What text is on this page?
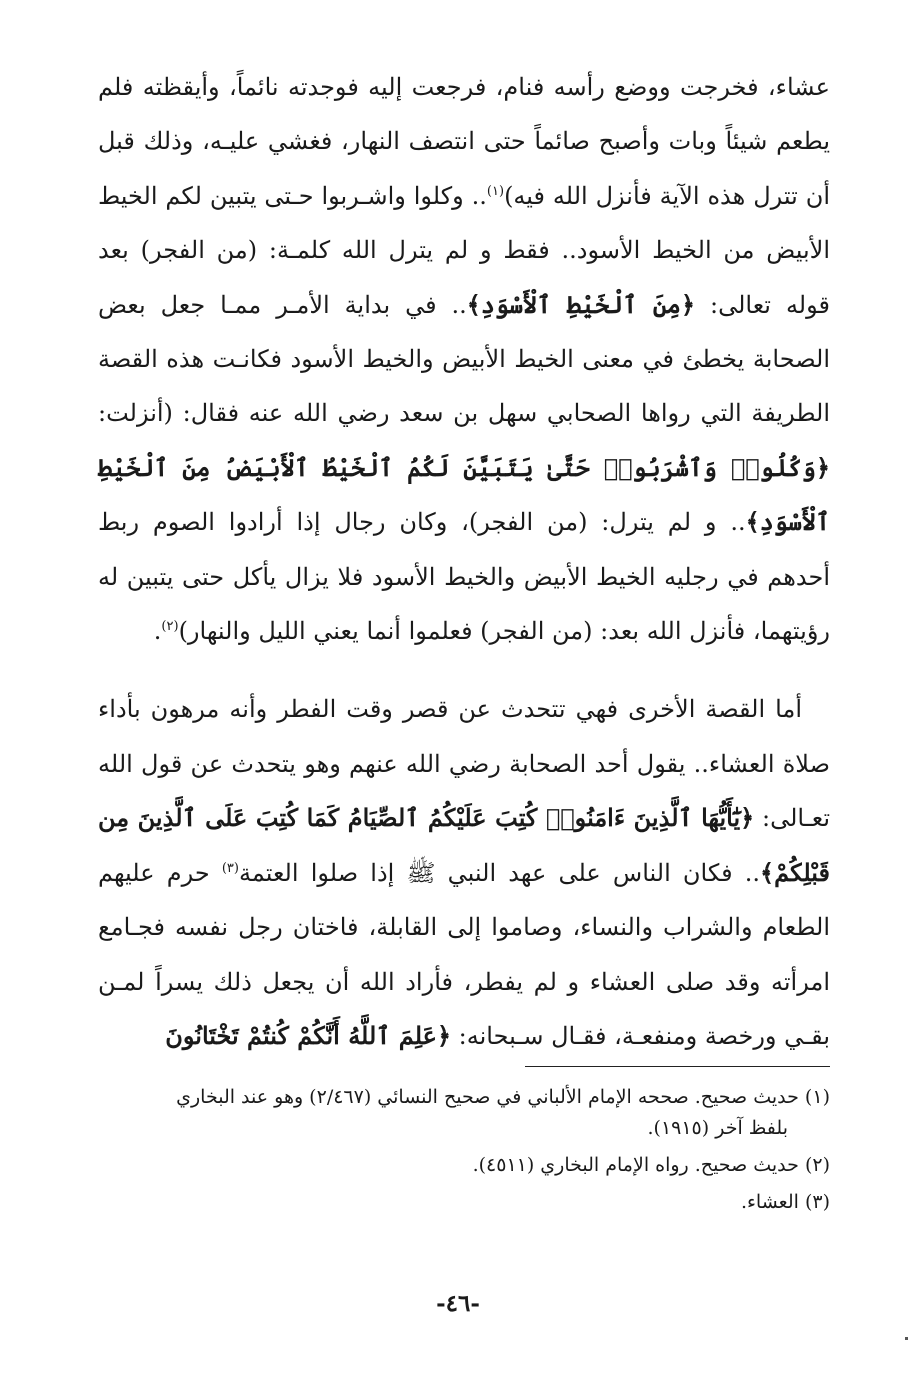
عشاء، فخرجت ووضع رأسه فنام، فرجعت إليه فوجدته نائماً، وأيقظته فلم يطعم شيئاً وبات وأصبح صائماً حتى انتصف النهار، فغشي عليـه، وذلك قبل أن تترل هذه الآية فأنزل الله فيه)$^{(١)}$.. وكلوا واشـربوا حـتى يتبين لكم الخيط الأبيض من الخيط الأسود.. فقط و لم يترل الله كلمـة: (من الفجر) بعد قوله تعالى: ﴿مِنَ ٱلْخَيْطِ ٱلْأَسْوَدِ﴾.. في بداية الأمـر ممـا جعل بعض الصحابة يخطئ في معنى الخيط الأبيض والخيط الأسود فكانـت هذه القصة الطريفة التي رواها الصحابي سهل بن سعد رضي الله عنه فقال: (أنزلت: ﴿وَكُلُوا۟ وَٱشْرَبُوا۟ حَتَّىٰ يَتَبَيَّنَ لَكُمُ ٱلْخَيْطُ ٱلْأَبْيَضُ مِنَ ٱلْخَيْطِ ٱلْأَسْوَدِ﴾.. و لم يترل: (من الفجر)، وكان رجال إذا أرادوا الصوم ربط أحدهم في رجليه الخيط الأبيض والخيط الأسود فلا يزال يأكل حتى يتبين له رؤيتهما، فأنزل الله بعد: (من الفجر) فعلموا أنما يعني الليل والنهار)$^{(٢)}$.

أما القصة الأخرى فهي تتحدث عن قصر وقت الفطر وأنه مرهون بأداء صلاة العشاء.. يقول أحد الصحابة رضي الله عنهم وهو يتحدث عن قول الله تعـالى: ﴿يَٰٓأَيُّهَا ٱلَّذِينَ ءَامَنُوا۟ كُتِبَ عَلَيْكُمُ ٱلصِّيَامُ كَمَا كُتِبَ عَلَى ٱلَّذِينَ مِن قَبْلِكُمْ﴾.. فكان الناس على عهد النبي ﷺ إذا صلوا العتمة$^{(٣)}$ حرم عليهم الطعام والشراب والنساء، وصاموا إلى القابلة، فاختان رجل نفسه فجـامع امرأته وقد صلى العشاء و لم يفطر، فأراد الله أن يجعل ذلك يسراً لمـن بقـي ورخصة ومنفعـة، فقـال سـبحانه: ﴿عَلِمَ ٱللَّهُ أَنَّكُمْ كُنتُمْ تَخْتَانُونَ

(١) حديث صحيح. صححه الإمام الألباني في صحيح النسائي (٢/٤٦٧) وهو عند البخاري
بلفظ آخر (١٩١٥).

(٢) حديث صحيح. رواه الإمام البخاري (٤٥١١).

(٣) العشاء.

-٤٦-
